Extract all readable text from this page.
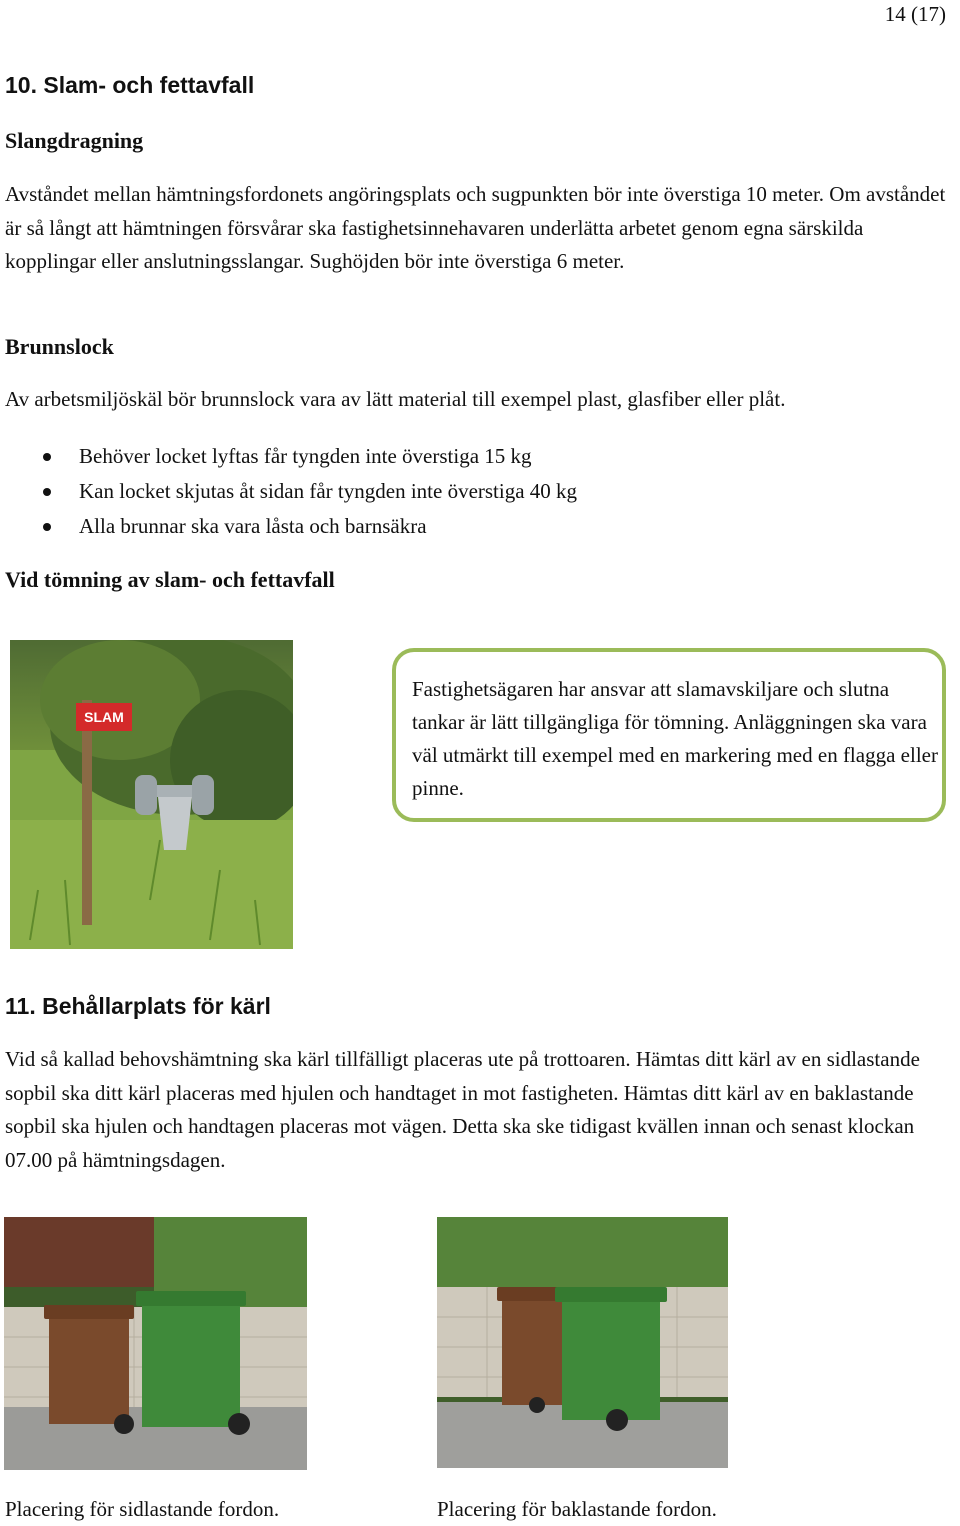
14 (17)
10. Slam- och fettavfall
Slangdragning
Avståndet mellan hämtningsfordonets angöringsplats och sugpunkten bör inte överstiga 10 meter. Om avståndet är så långt att hämtningen försvårar ska fastighetsinnehavaren underlätta arbetet genom egna särskilda kopplingar eller anslutningsslangar. Sughöjden bör inte överstiga 6 meter.
Brunnslock
Av arbetsmiljöskäl bör brunnslock vara av lätt material till exempel plast, glasfiber eller plåt.
Behöver locket lyftas får tyngden inte överstiga 15 kg
Kan locket skjutas åt sidan får tyngden inte överstiga 40 kg
Alla brunnar ska vara låsta och barnsäkra
Vid tömning av slam- och fettavfall
SLAM
Fastighetsägaren har ansvar att slamavskiljare och slutna tankar är lätt tillgängliga för tömning. Anläggningen ska vara väl utmärkt till exempel med en markering med en flagga eller pinne.
11. Behållarplats för kärl
Vid så kallad behovshämtning ska kärl tillfälligt placeras ute på trottoaren. Hämtas ditt kärl av en sidlastande sopbil ska ditt kärl placeras med hjulen och handtaget in mot fastigheten. Hämtas ditt kärl av en baklastande sopbil ska hjulen och handtagen placeras mot vägen. Detta ska ske tidigast kvällen innan och senast klockan 07.00 på hämtningsdagen.
Placering för sidlastande fordon.	Placering för baklastande fordon.
